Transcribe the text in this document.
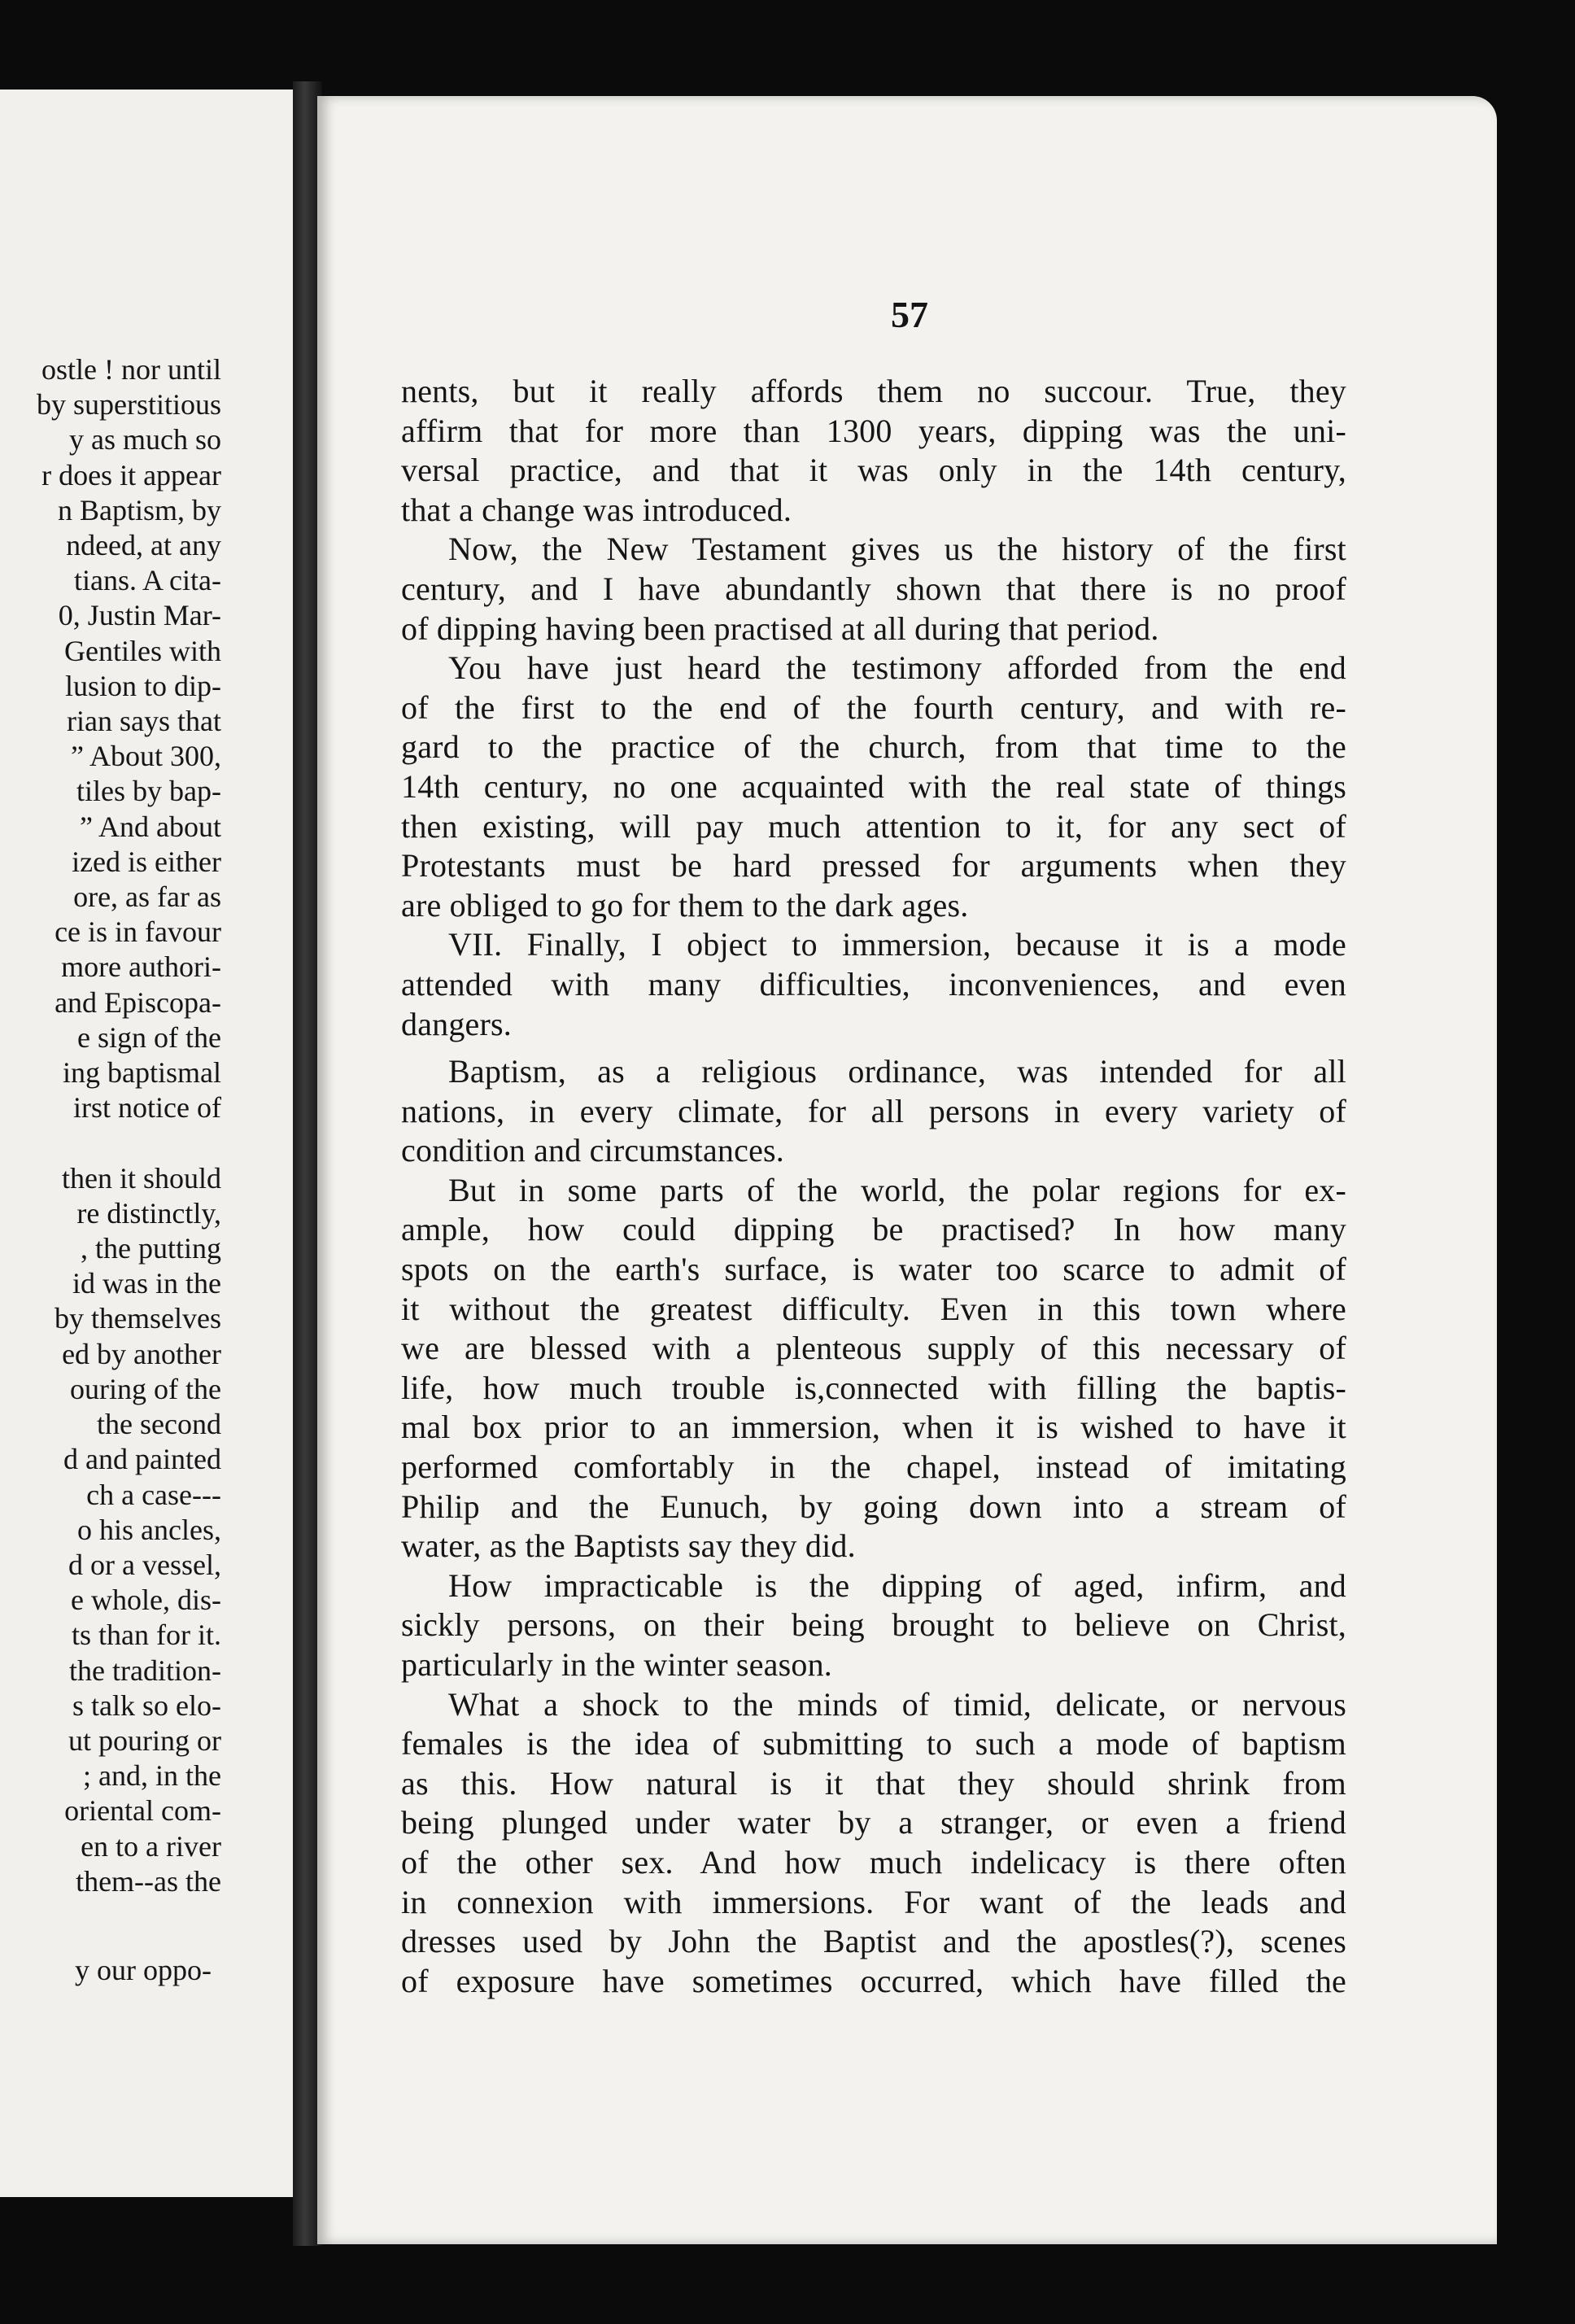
ostle ! nor until
by superstitious
y as much so
r does it appear
n Baptism, by
ndeed, at any
tians. A cita-
0, Justin Mar-
Gentiles with
lusion to dip-
rian says that
” About 300,
tiles by bap-
” And about
ized is either
ore, as far as
ce is in favour
more authori-
and Episcopa-
e sign of the
ing baptismal
irst notice of

then it should
re distinctly,
, the putting
id was in the
by themselves
ed by another
ouring of the
the second
d and painted
ch a case---
o his ancles,
d or a vessel,
e whole, dis-
ts than for it.
the tradition-
s talk so elo-
ut pouring or
; and, in the
oriental com-
en to a river
them--as the
y our oppo-
57
nents, but it really affords them no succour. True, they
affirm that for more than 1300 years, dipping was the uni-
versal practice, and that it was only in the 14th century,
that a change was introduced.
Now, the New Testament gives us the history of the first
century, and I have abundantly shown that there is no proof
of dipping having been practised at all during that period.
You have just heard the testimony afforded from the end
of the first to the end of the fourth century, and with re-
gard to the practice of the church, from that time to the
14th century, no one acquainted with the real state of things
then existing, will pay much attention to it, for any sect of
Protestants must be hard pressed for arguments when they
are obliged to go for them to the dark ages.
VII. Finally, I object to immersion, because it is a mode
attended with many difficulties, inconveniences, and even
dangers.
Baptism, as a religious ordinance, was intended for all
nations, in every climate, for all persons in every variety of
condition and circumstances.
But in some parts of the world, the polar regions for ex-
ample, how could dipping be practised? In how many
spots on the earth's surface, is water too scarce to admit of
it without the greatest difficulty. Even in this town where
we are blessed with a plenteous supply of this necessary of
life, how much trouble is,connected with filling the baptis-
mal box prior to an immersion, when it is wished to have it
performed comfortably in the chapel, instead of imitating
Philip and the Eunuch, by going down into a stream of
water, as the Baptists say they did.
How impracticable is the dipping of aged, infirm, and
sickly persons, on their being brought to believe on Christ,
particularly in the winter season.
What a shock to the minds of timid, delicate, or nervous
females is the idea of submitting to such a mode of baptism
as this. How natural is it that they should shrink from
being plunged under water by a stranger, or even a friend
of the other sex. And how much indelicacy is there often
in connexion with immersions. For want of the leads and
dresses used by John the Baptist and the apostles(?), scenes
of exposure have sometimes occurred, which have filled the
